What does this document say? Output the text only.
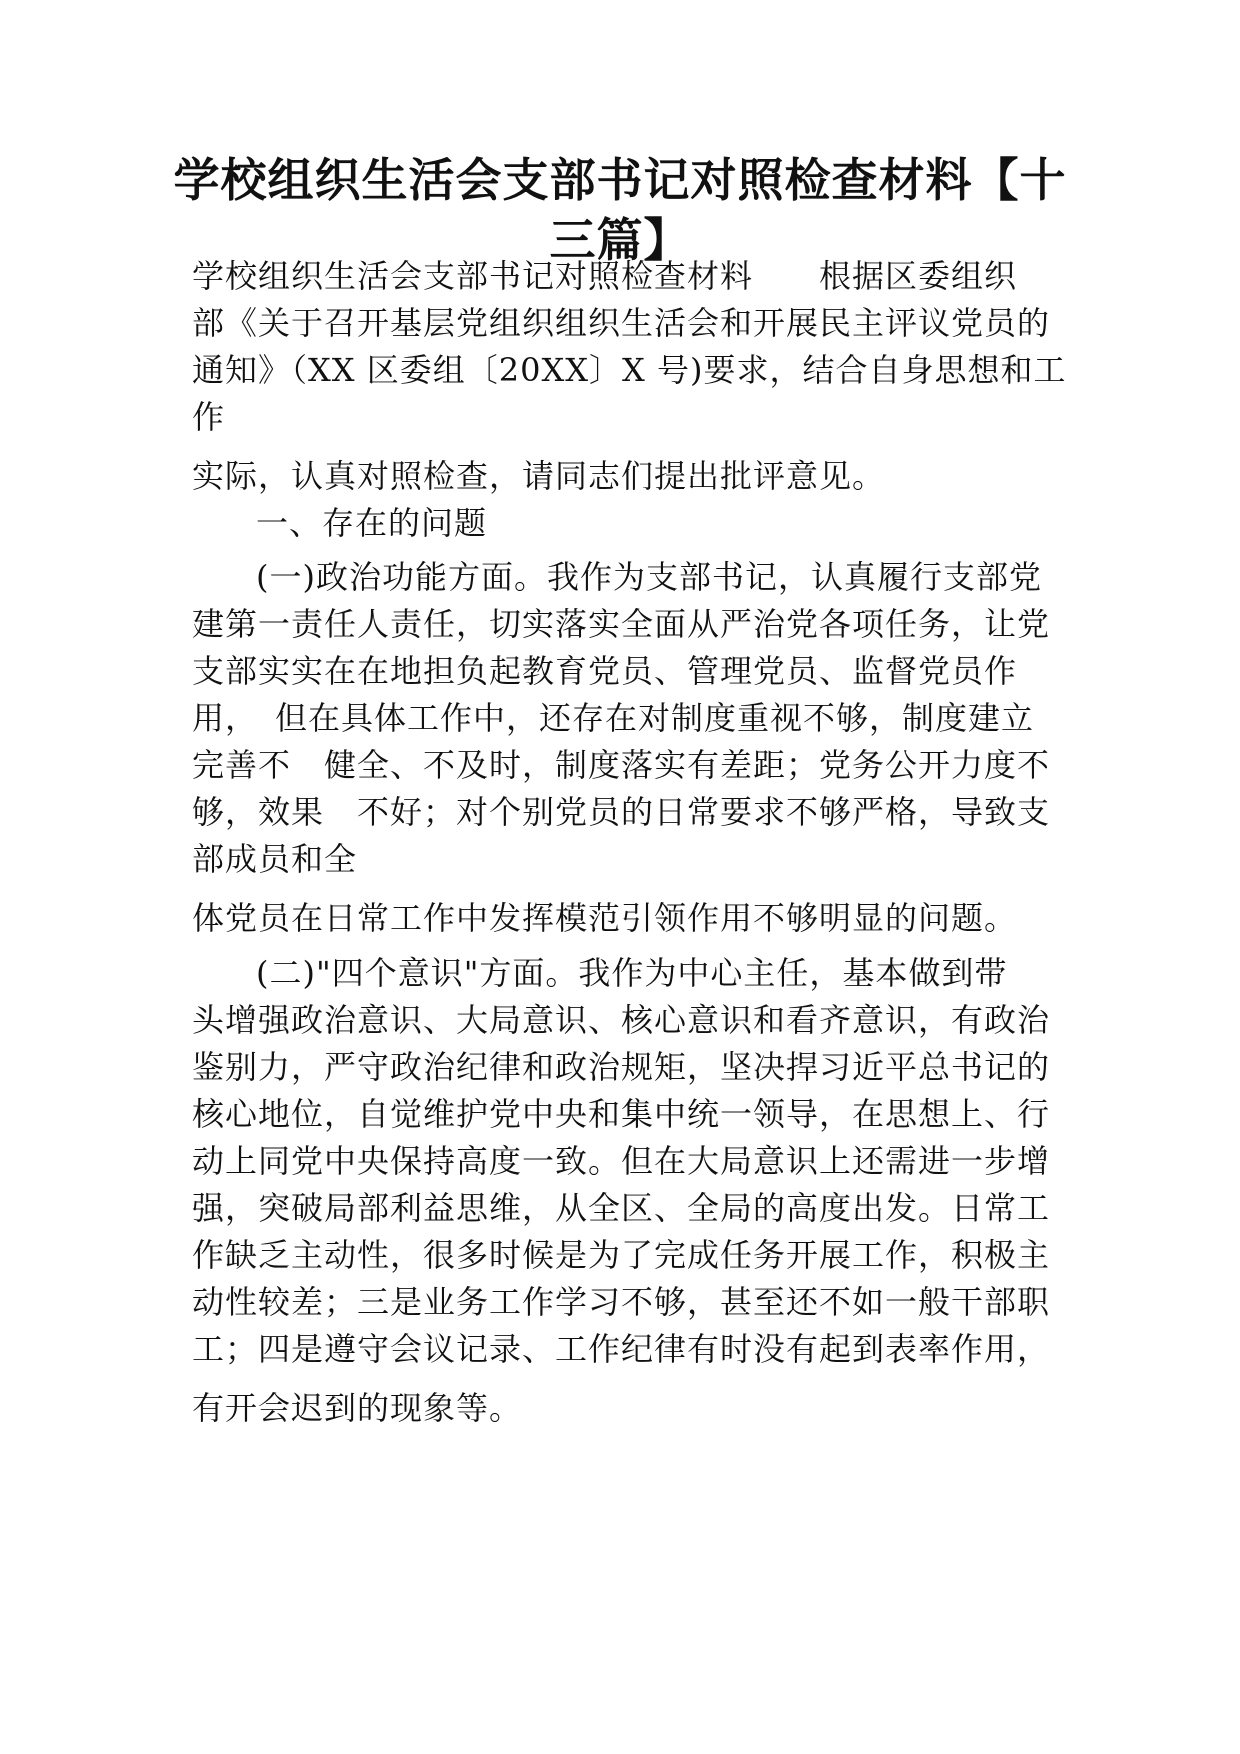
学校组织生活会支部书记对照检查材料【十
三篇】

学校组织生活会支部书记对照检查材料　　根据区委组织

部《关于召开基层党组织组织生活会和开展民主评议党员的

通知》（XX 区委组〔20XX〕X 号)要求，结合自身思想和工

作

实际，认真对照检查，请同志们提出批评意见。

一、存在的问题

(一)政治功能方面。我作为支部书记，认真履行支部党

建第一责任人责任，切实落实全面从严治党各项任务，让党

支部实实在在地担负起教育党员、管理党员、监督党员作

用，　但在具体工作中，还存在对制度重视不够，制度建立

完善不　健全、不及时，制度落实有差距；党务公开力度不

够，效果　不好；对个别党员的日常要求不够严格，导致支

部成员和全

体党员在日常工作中发挥模范引领作用不够明显的问题。

(二)"四个意识"方面。我作为中心主任，基本做到带

头增强政治意识、大局意识、核心意识和看齐意识，有政治

鉴别力，严守政治纪律和政治规矩，坚决捍习近平总书记的

核心地位，自觉维护党中央和集中统一领导，在思想上、行

动上同党中央保持高度一致。但在大局意识上还需进一步增

强，突破局部利益思维，从全区、全局的高度出发。日常工

作缺乏主动性，很多时候是为了完成任务开展工作，积极主

动性较差；三是业务工作学习不够，甚至还不如一般干部职

工；四是遵守会议记录、工作纪律有时没有起到表率作用，

有开会迟到的现象等。
